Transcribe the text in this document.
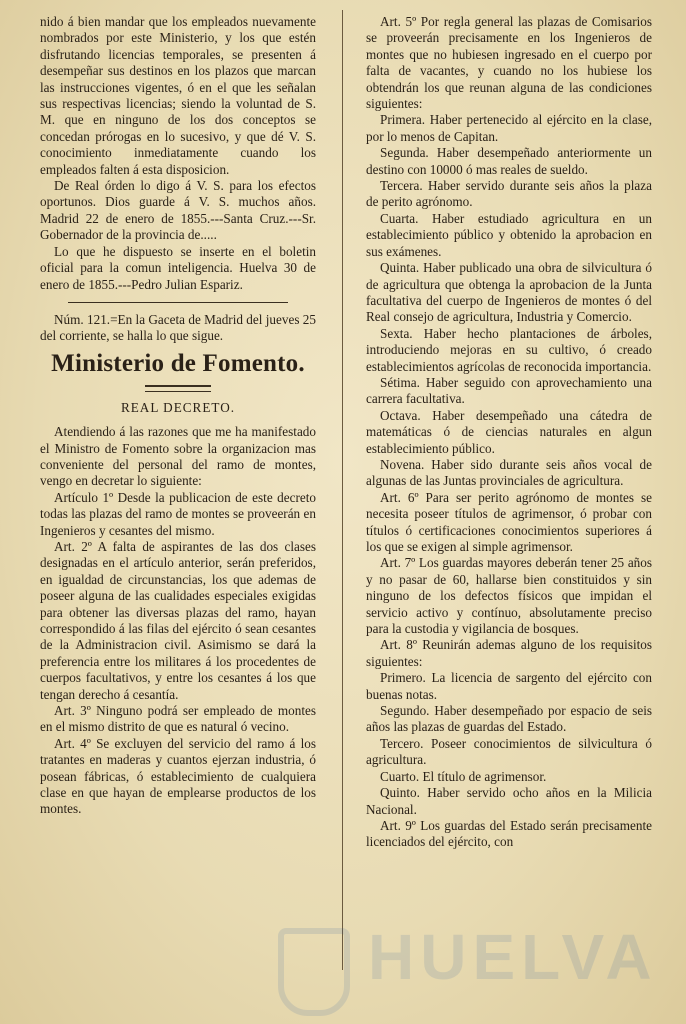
nido á bien mandar que los empleados nuevamente nombrados por este Ministerio, y los que estén disfrutando licencias temporales, se presenten á desempeñar sus destinos en los plazos que marcan las instrucciones vigentes, ó en el que les señalan sus respectivas licencias; siendo la voluntad de S. M. que en ninguno de los dos conceptos se concedan prórogas en lo sucesivo, y que dé V. S. conocimiento inmediatamente cuando los empleados falten á esta disposicion.

De Real órden lo digo á V. S. para los efectos oportunos. Dios guarde á V. S. muchos años. Madrid 22 de enero de 1855.---Santa Cruz.---Sr. Gobernador de la provincia de.....

Lo que he dispuesto se inserte en el boletin oficial para la comun inteligencia. Huelva 30 de enero de 1855.---Pedro Julian Espariz.

Núm. 121.=En la Gaceta de Madrid del jueves 25 del corriente, se halla lo que sigue.

Ministerio de Fomento.

REAL DECRETO.

Atendiendo á las razones que me ha manifestado el Ministro de Fomento sobre la organizacion mas conveniente del personal del ramo de montes, vengo en decretar lo siguiente:

Artículo 1º Desde la publicacion de este decreto todas las plazas del ramo de montes se proveerán en Ingenieros y cesantes del mismo.

Art. 2º A falta de aspirantes de las dos clases designadas en el artículo anterior, serán preferidos, en igualdad de circunstancias, los que ademas de poseer alguna de las cualidades especiales exigidas para obtener las diversas plazas del ramo, hayan correspondido á las filas del ejército ó sean cesantes de la Administracion civil. Asimismo se dará la preferencia entre los militares á los procedentes de cuerpos facultativos, y entre los cesantes á los que tengan derecho á cesantía.

Art. 3º Ninguno podrá ser empleado de montes en el mismo distrito de que es natural ó vecino.

Art. 4º Se excluyen del servicio del ramo á los tratantes en maderas y cuantos ejerzan industria, ó posean fábricas, ó establecimiento de cualquiera clase en que hayan de emplearse productos de los montes.

Art. 5º Por regla general las plazas de Comisarios se proveerán precisamente en los Ingenieros de montes que no hubiesen ingresado en el cuerpo por falta de vacantes, y cuando no los hubiese los obtendrán los que reunan alguna de las condiciones siguientes:

Primera. Haber pertenecido al ejército en la clase, por lo menos de Capitan.

Segunda. Haber desempeñado anteriormente un destino con 10000 ó mas reales de sueldo.

Tercera. Haber servido durante seis años la plaza de perito agrónomo.

Cuarta. Haber estudiado agricultura en un establecimiento público y obtenido la aprobacion en sus exámenes.

Quinta. Haber publicado una obra de silvicultura ó de agricultura que obtenga la aprobacion de la Junta facultativa del cuerpo de Ingenieros de montes ó del Real consejo de agricultura, Industria y Comercio.

Sexta. Haber hecho plantaciones de árboles, introduciendo mejoras en su cultivo, ó creado establecimientos agrícolas de reconocida importancia.

Sétima. Haber seguido con aprovechamiento una carrera facultativa.

Octava. Haber desempeñado una cátedra de matemáticas ó de ciencias naturales en algun establecimiento público.

Novena. Haber sido durante seis años vocal de algunas de las Juntas provinciales de agricultura.

Art. 6º Para ser perito agrónomo de montes se necesita poseer títulos de agrimensor, ó probar con títulos ó certificaciones conocimientos superiores á los que se exigen al simple agrimensor.

Art. 7º Los guardas mayores deberán tener 25 años y no pasar de 60, hallarse bien constituidos y sin ninguno de los defectos físicos que impidan el servicio activo y contínuo, absolutamente preciso para la custodia y vigilancia de bosques.

Art. 8º Reunirán ademas alguno de los requisitos siguientes:

Primero. La licencia de sargento del ejército con buenas notas.

Segundo. Haber desempeñado por espacio de seis años las plazas de guardas del Estado.

Tercero. Poseer conocimientos de silvicultura ó agricultura.

Cuarto. El título de agrimensor.

Quinto. Haber servido ocho años en la Milicia Nacional.

Art. 9º Los guardas del Estado serán precisamente licenciados del ejército, con

HUELVA
